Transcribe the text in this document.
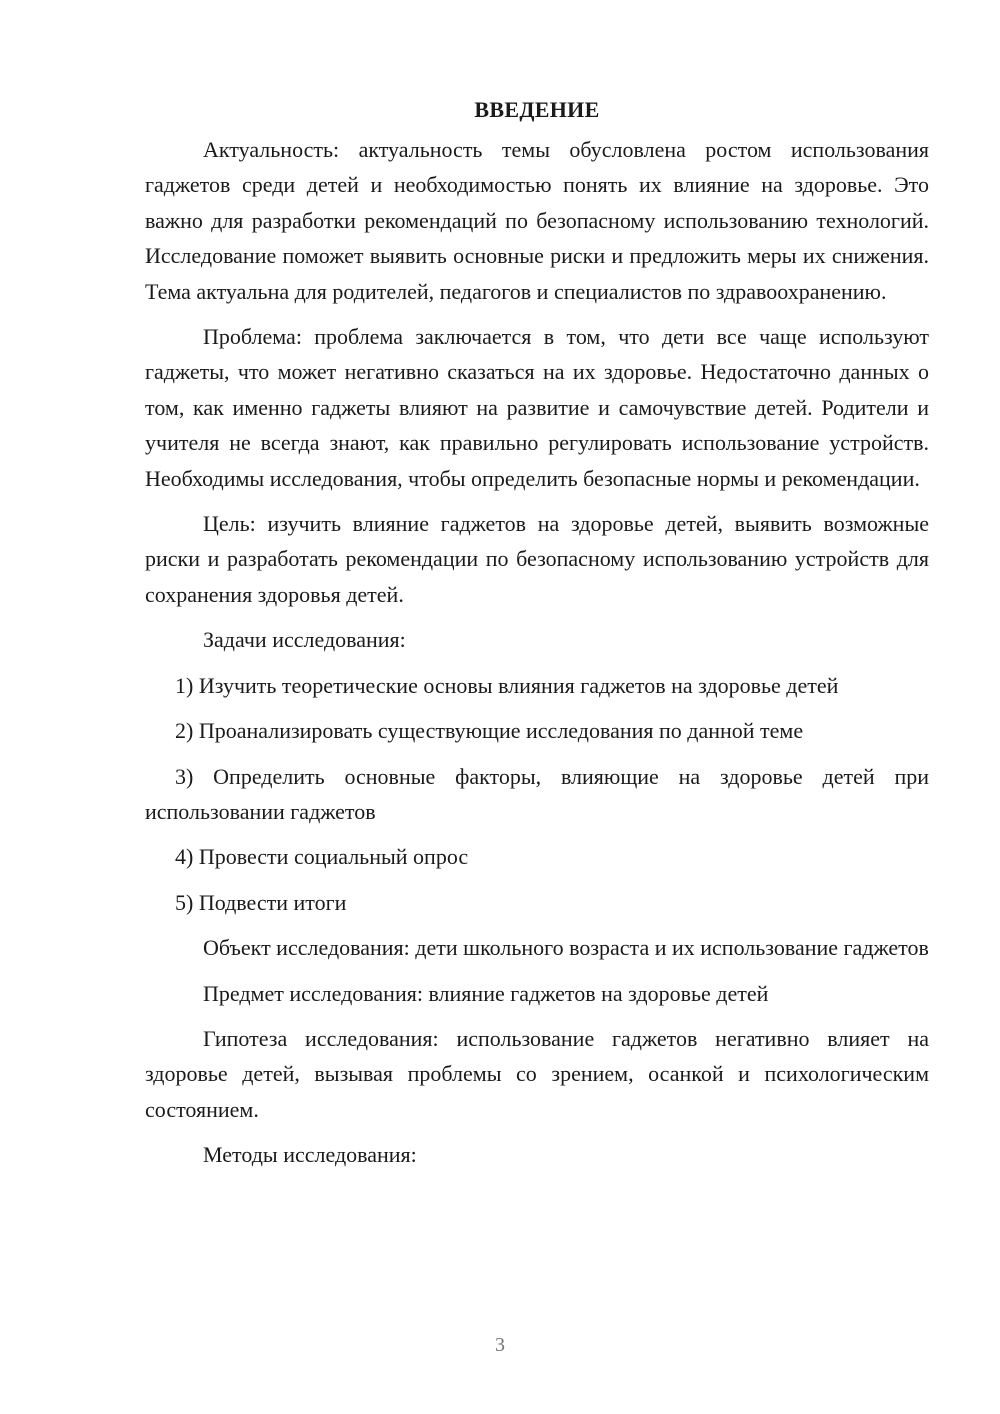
ВВЕДЕНИЕ

Актуальность: актуальность темы обусловлена ростом использования гаджетов среди детей и необходимостью понять их влияние на здоровье. Это важно для разработки рекомендаций по безопасному использованию технологий. Исследование поможет выявить основные риски и предложить меры их снижения. Тема актуальна для родителей, педагогов и специалистов по здравоохранению.

Проблема: проблема заключается в том, что дети все чаще используют гаджеты, что может негативно сказаться на их здоровье. Недостаточно данных о том, как именно гаджеты влияют на развитие и самочувствие детей. Родители и учителя не всегда знают, как правильно регулировать использование устройств. Необходимы исследования, чтобы определить безопасные нормы и рекомендации.

Цель: изучить влияние гаджетов на здоровье детей, выявить возможные риски и разработать рекомендации по безопасному использованию устройств для сохранения здоровья детей.

Задачи исследования:

1) Изучить теоретические основы влияния гаджетов на здоровье детей

2) Проанализировать существующие исследования по данной теме

3) Определить основные факторы, влияющие на здоровье детей при использовании гаджетов

4) Провести социальный опрос

5) Подвести итоги

Объект исследования: дети школьного возраста и их использование гаджетов

Предмет исследования: влияние гаджетов на здоровье детей

Гипотеза исследования: использование гаджетов негативно влияет на здоровье детей, вызывая проблемы со зрением, осанкой и психологическим состоянием.

Методы исследования:

3
